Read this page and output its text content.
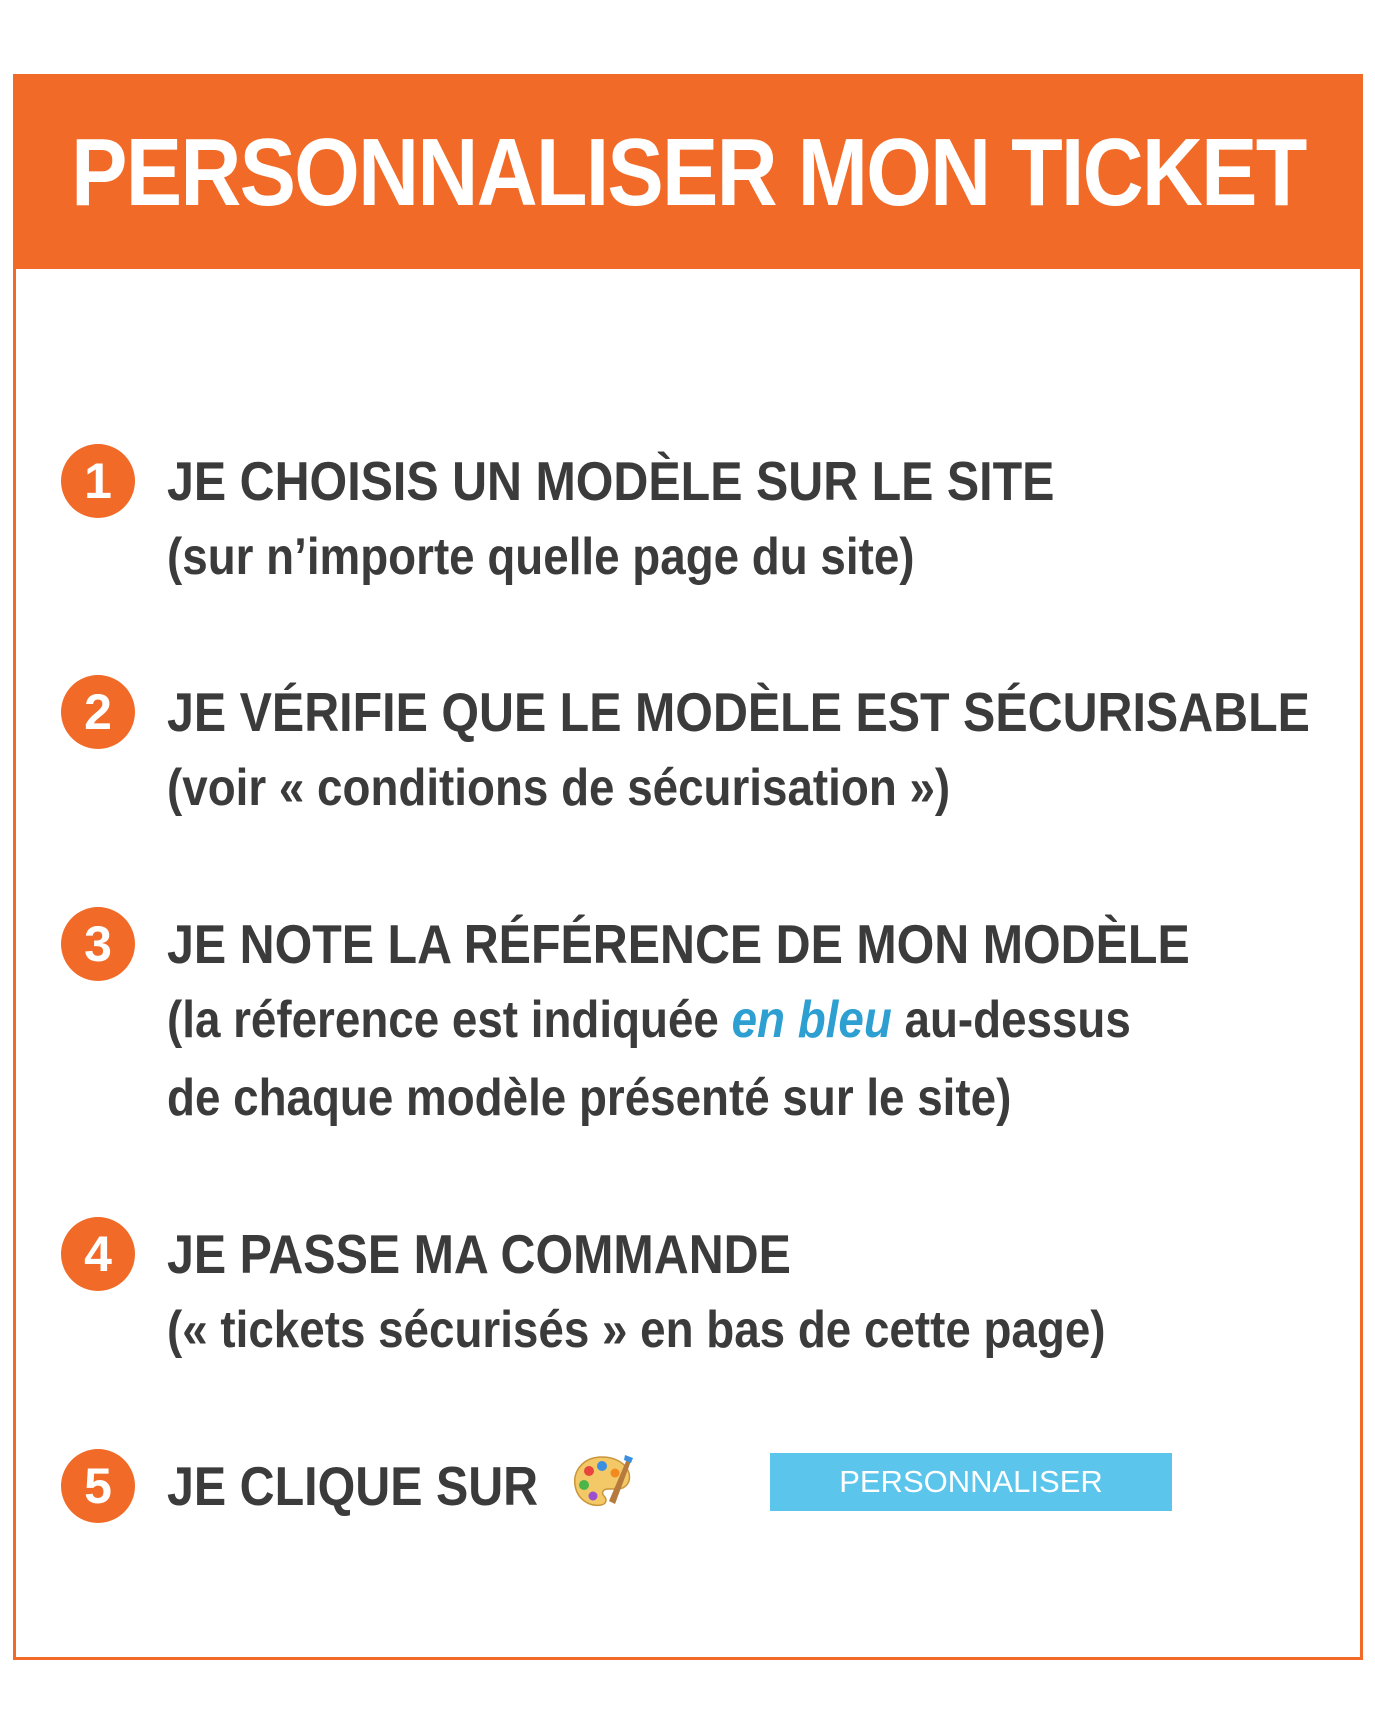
PERSONNALISER MON TICKET
1	JE CHOISIS UN MODÈLE SUR LE SITE
(sur n’importe quelle page du site)
2	JE VÉRIFIE QUE LE MODÈLE EST SÉCURISABLE
(voir « conditions de sécurisation »)
3	JE NOTE LA RÉFÉRENCE DE MON MODÈLE
(la réference est indiquée en bleu au-dessus
de chaque modèle présenté sur le site)
4	JE PASSE MA COMMANDE
(« tickets sécurisés » en bas de cette page)
5	JE CLIQUE SUR	PERSONNALISER
